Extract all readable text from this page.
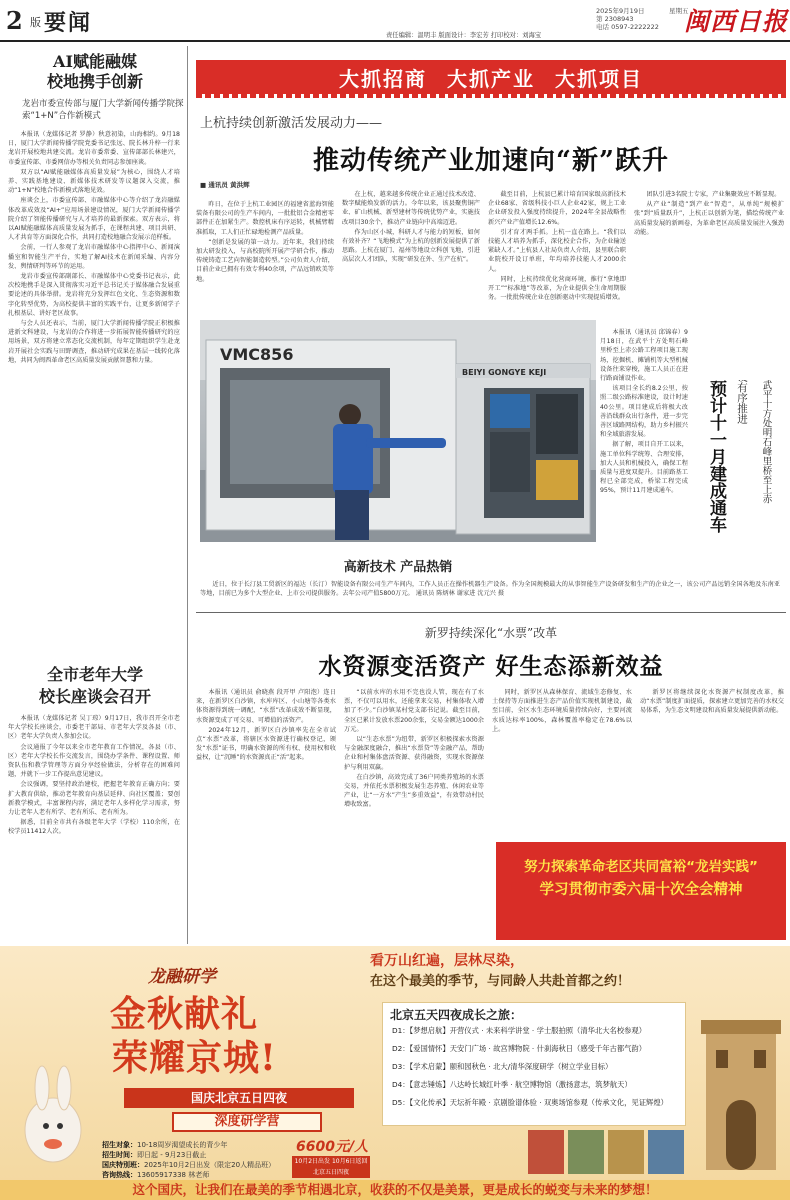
2 版 要闻	2025年9月19日	星期五
第 2308943
电话 0597-2222222
责任编辑：温明丰 版面设计：李宏芳 打印校对：刘海宝	闽西日报
AI赋能融媒
校地携手创新
龙岩市委宣传部与厦门大学新闻传播学院探索“1+N”合作新模式

本报讯（龙媒体记者 罗静）秋意初染，山海相约。9月18日，厦门大学新闻传播学院党委书记张远、院长林升梓一行来龙岩开展校地共建交流。龙岩市委常委、宣传部部长林建兴，市委宣传部、市委网信办等相关负责同志参加座谈。

双方以“AI赋能融媒体高质量发展”为核心，围绕人才培养、实践基地建设、新媒体技术研发等议题深入交流，推动“1+N”校地合作新模式落地见效。

座谈会上，市委宣传部、市融媒体中心等介绍了龙岩融媒体改革成效及“AI+”应用场景建设情况，厦门大学新闻传播学院介绍了智能传播研究与人才培养的最新探索。双方表示，将以AI赋能融媒体高质量发展为抓手，在课程共建、项目共研、人才共育等方面深化合作，共同打造校地融合发展示范样板。

会前，一行人参观了龙岩市融媒体中心指挥中心、新闻演播室和智能生产平台，实地了解AI技术在新闻采编、内容分发、舆情研判等环节的运用。

龙岩市委宣传部副部长、市融媒体中心党委书记表示，此次校地携手是深入贯彻落实习近平总书记关于媒体融合发展重要论述的具体举措。龙岩将充分发挥红色文化、生态资源和数字化转型优势，为高校提供丰富的实践平台，让更多新闻学子扎根基层、讲好老区故事。

与会人员还表示，当前，厦门大学新闻传播学院正积极推进新文科建设，与龙岩的合作将进一步拓展智能传播研究的应用场景，双方将建立常态化交流机制，每年定期组织学生赴龙岩开展社会实践与田野调查，推动研究成果在基层一线转化落地，共同为闽西革命老区高质量发展贡献智慧和力量。

全市老年大学
校长座谈会召开

本报讯（龙媒体记者 吴丁琼）9月17日，我市召开全市老年大学校长座谈会，市委老干部局、市老年大学及各县（市、区）老年大学负责人参加会议。

会议通报了今年以来全市老年教育工作情况，各县（市、区）老年大学校长作交流发言，围绕办学条件、课程设置、师资队伍和教学管理等方面分享经验做法，分析存在的困难问题，并就下一步工作提出意见建议。

会议强调，要坚持政治建校，把握老年教育正确方向；要扩大教育供给，推动老年教育向基层延伸、向社区覆盖；要创新教学模式，丰富课程内容，满足老年人多样化学习需求，努力让老年人老有所学、老有所乐、老有所为。

据悉，目前全市共有各级老年大学（学校）110余所，在校学员11412人次。

大抓招商 大抓产业 大抓项目
上杭持续创新激活发展动力——
推动传统产业加速向“新”跃升
■ 通讯员 黄洪辉

昨日，在位于上杭工业园区的福建省蓝海智能装备有限公司的生产车间内，一批批铝合金精密零部件正在加紧生产。数控机床有序运转，机械臂精准抓取，工人们正忙碌地检测产品质量。

“创新是发展的第一动力。近年来，我们持续加大研发投入，与高校院所开展产学研合作，推动传统铸造工艺向智能制造转型。”公司负责人介绍，目前企业已拥有有效专利40余项，产品远销欧美等地。

在上杭，越来越多传统企业正通过技术改造、数字赋能焕发新的活力。今年以来，该县聚焦铜产业、矿山机械、新型建材等传统优势产业，实施技改项目30余个，推动产业链向中高端迈进。

作为山区小城，科研人才与能力的短板，如何有效补齐？“飞地模式”为上杭的创新发展提供了新思路。上杭在厦门、福州等地设立科创飞地，引进高层次人才团队，实现“研发在外、生产在杭”。

截至目前，上杭县已累计培育国家级高新技术企业68家、省级科技小巨人企业42家，规上工业企业研发投入强度持续提升，2024年全县战略性新兴产业产值增长12.6%。

引才育才两手抓。上杭一直在路上。“我们以技能人才培养为抓手，深化校企合作，为企业输送紧缺人才。”上杭县人社局负责人介绍，县里联合职业院校开设订单班，年均培养技能人才2000余人。

同时，上杭持续优化营商环境，推行“拿地即开工”“标准地”等改革，为企业提供全生命周期服务。一批批传统企业在创新驱动中实现提质增效。

团队引进3名院士专家，产业集聚效应不断显现。

从产业“制造”到产业“智造”，从单纯“规模扩张”到“质量跃升”，上杭正以创新为笔，描绘传统产业高质量发展的新画卷，为革命老区高质量发展注入强劲动能。

VMC856
BEIYI GONGYE KEJI
高新技术 产品热销

近日，位于长汀县工贸新区的福达（长汀）智能设备有限公司生产车间内，工作人员正在操作机器生产设备。作为全国规模最大的从事智能生产设备研发和生产的企业之一，该公司产品远销全国各地及东南亚等地，目前已为多个大型企业、上市公司提供服务。去年公司产值5800万元。 通讯员 陈炳林 谢家进 沈元兴 摄

武平十方处明石峰里桥至上赤
公路建设有序推进
预计十一月建成通车

本报讯（通讯员 邱锦春）9月18日，在武平十方处明石峰里桥至上赤公路工程项目施工现场，挖掘机、摊铺机等大型机械设备往来穿梭，施工人员正在进行路面铺设作业。

该项目全长约8.2公里，按照二级公路标准建设，设计时速40公里。项目建成后将极大改善沿线群众出行条件，进一步完善区域路网结构，助力乡村振兴和全域旅游发展。

据了解，项目自开工以来，施工单位科学统筹、合理安排，加大人员和机械投入，确保工程质量与进度双提升。目前路基工程已全部完成，桥梁工程完成95%，预计11月建成通车。

新罗持续深化“水票”改革
水资源变活资产 好生态添新效益

本报讯（通讯员 俞晓燕 段开甲 卢阳泡）连日来，在新罗区白沙镇，水库库区、小山塘等各类水体资源得到统一调配，“水票”改革成效不断显现，水资源变成了可交易、可增值的活资产。

2024年12月，新罗区白沙镇率先在全市试点“水票”改革，将辖区水资源进行确权登记，颁发“水票”证书，明确水资源的所有权、使用权和收益权，让“沉睡”的水资源真正“活”起来。

“以前水库的水用不完也没人管，现在有了水票，不仅可以用水，还能拿来交易，村集体收入增加了不少。”白沙镇某村党支部书记说。截至目前，全区已累计发放水票200余张，交易金额达1000余万元。

以“生态水票”为纽带，新罗区积极探索水资源与金融深度融合，推出“水票贷”等金融产品，帮助企业和村集体盘活资源、获得融资，实现水资源保护与利用双赢。

在白沙镇，高效完成了36户同类养殖场的水票交易，并依托水票积极发展生态养殖、休闲农业等产业，让“一方水”产生“多重效益”，有效带动村民增收致富。

同时，新罗区从森林保育、流域生态修复、水土保持等方面推进生态产品价值实现机制建设，截至目前，全区水生态环境质量持续向好，主要河流水质达标率100%，森林覆盖率稳定在78.6%以上。

新罗区将继续深化水资源产权制度改革，推动“水票”制度扩面提质，探索建立更加完善的水权交易体系，为生态文明建设和高质量发展提供新动能。

努力探索革命老区共同富裕“龙岩实践”
学习贯彻市委六届十次全会精神
龙融研学
金秋献礼
荣耀京城!
国庆北京五日四夜
深度研学营
招生对象：10-18周岁渴望成长的青少年
招生时间：即日起 - 9月23日截止
国庆特別班：2025年10月2日出发（限定20人精品班）
咨询热线：13605917338 林老师
6600元/人
10月2日出发 10月6日返回 北京五日四夜
看万山红遍，层林尽染，
在这个最美的季节，与同龄人共赴首都之约！
北京五天四夜成长之旅：
D1：【梦想启航】开营仪式 · 未来科学讲堂 · 学士服拍照（清华北大名校参观）
D2：【爱国情怀】天安门广场 · 故宫博物院 · 什刹海秋日（感受千年古都气韵）
D3：【学术启蒙】颐和园秋色 · 北大/清华深度研学（树立学业目标）
D4：【意志锤炼】八达岭长城红叶季 · 航空博物馆（激扬意志，筑梦航天）
D5：【文化传承】天坛祈年殿 · 京剧脸谱体验 · 双奥场馆参观（传承文化，见证辉煌）
这个国庆，让我们在最美的季节相遇北京，收获的不仅是美景，更是成长的蜕变与未来的梦想！
